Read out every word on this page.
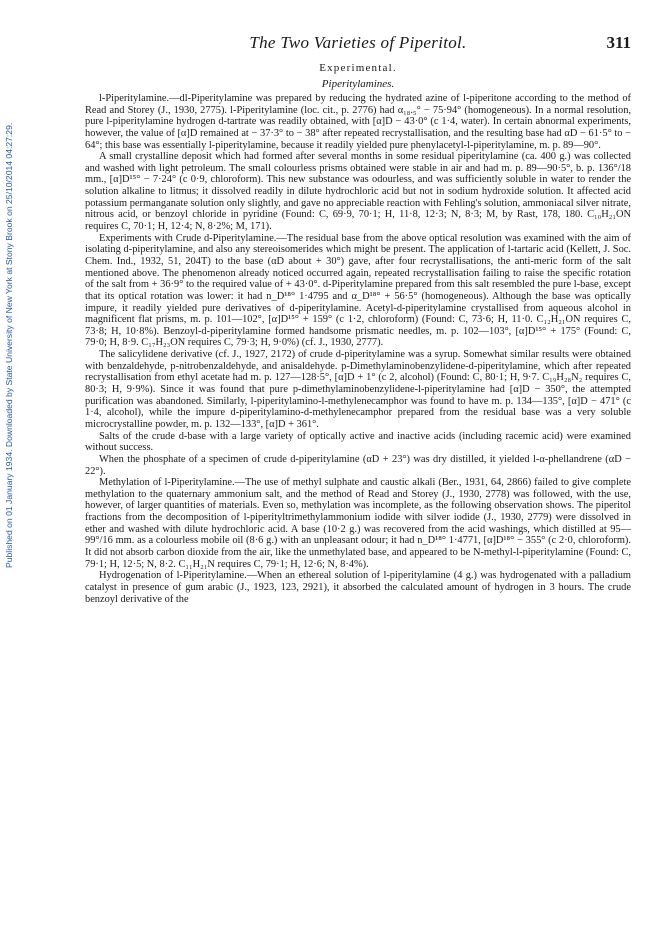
Published on 01 January 1934. Downloaded by State University of New York at Stony Brook on 25/10/2014 04:27:29.
The Two Varieties of Piperitol.	311
Experimental.
Piperitylamines.

l-Piperitylamine.—dl-Piperitylamine was prepared by reducing the hydrated azine of l-piperitone according to the method of Read and Storey (J., 1930, 2775). l-Piperitylamine (loc. cit., p. 2776) had α₁₈.₅° − 75·94° (homogeneous). In a normal resolution, pure l-piperitylamine hydrogen d-tartrate was readily obtained, with [α]D − 43·0° (c 1·4, water). In certain abnormal experiments, however, the value of [α]D remained at − 37·3° to − 38° after repeated recrystallisation, and the resulting base had αD − 61·5° to − 64°; this base was essentially l-piperitylamine, because it readily yielded pure phenylacetyl-l-piperitylamine, m. p. 89—90°.

A small crystalline deposit which had formed after several months in some residual piperitylamine (ca. 400 g.) was collected and washed with light petroleum. The small colourless prisms obtained were stable in air and had m. p. 89—90·5°, b. p. 136°/18 mm., [α]D¹⁵° − 7·24° (c 0·9, chloroform). This new substance was odourless, and was sufficiently soluble in water to render the solution alkaline to litmus; it dissolved readily in dilute hydrochloric acid but not in sodium hydroxide solution. It affected acid potassium permanganate solution only slightly, and gave no appreciable reaction with Fehling's solution, ammoniacal silver nitrate, nitrous acid, or benzoyl chloride in pyridine (Found: C, 69·9, 70·1; H, 11·8, 12·3; N, 8·3; M, by Rast, 178, 180. C₁₀H₂₁ON requires C, 70·1; H, 12·4; N, 8·2%; M, 171).

Experiments with Crude d-Piperitylamine.—The residual base from the above optical resolution was examined with the aim of isolating d-piperitylamine, and also any stereoisomerides which might be present. The application of l-tartaric acid (Kellett, J. Soc. Chem. Ind., 1932, 51, 204T) to the base (αD about + 30°) gave, after four recrystallisations, the anti-meric form of the salt mentioned above. The phenomenon already noticed occurred again, repeated recrystallisation failing to raise the specific rotation of the salt from + 36·9° to the required value of + 43·0°. d-Piperitylamine prepared from this salt resembled the pure l-base, except that its optical rotation was lower: it had n_D¹⁸° 1·4795 and α_D¹⁸° + 56·5° (homogeneous). Although the base was optically impure, it readily yielded pure derivatives of d-piperitylamine. Acetyl-d-piperitylamine crystallised from aqueous alcohol in magnificent flat prisms, m. p. 101—102°, [α]D¹⁵° + 159° (c 1·2, chloroform) (Found: C, 73·6; H, 11·0. C₁₂H₂₁ON requires C, 73·8; H, 10·8%). Benzoyl-d-piperitylamine formed handsome prismatic needles, m. p. 102—103°, [α]D¹⁵° + 175° (Found: C, 79·0; H, 8·9. C₁₇H₂₃ON requires C, 79·3; H, 9·0%) (cf. J., 1930, 2777).

The salicylidene derivative (cf. J., 1927, 2172) of crude d-piperitylamine was a syrup. Somewhat similar results were obtained with benzaldehyde, p-nitrobenzaldehyde, and anisaldehyde. p-Dimethylaminobenzylidene-d-piperitylamine, which after repeated recrystallisation from ethyl acetate had m. p. 127—128·5°, [α]D + 1° (c 2, alcohol) (Found: C, 80·1; H, 9·7. C₁₉H₂₈N₂ requires C, 80·3; H, 9·9%). Since it was found that pure p-dimethylaminobenzylidene-l-piperitylamine had [α]D − 350°, the attempted purification was abandoned. Similarly, l-piperitylamino-l-methylenecamphor was found to have m. p. 134—135°, [α]D − 471° (c 1·4, alcohol), while the impure d-piperitylamino-d-methylenecamphor prepared from the residual base was a very soluble microcrystalline powder, m. p. 132—133°, [α]D + 361°.

Salts of the crude d-base with a large variety of optically active and inactive acids (including racemic acid) were examined without success.

When the phosphate of a specimen of crude d-piperitylamine (αD + 23°) was dry distilled, it yielded l-α-phellandrene (αD − 22°).

Methylation of l-Piperitylamine.—The use of methyl sulphate and caustic alkali (Ber., 1931, 64, 2866) failed to give complete methylation to the quaternary ammonium salt, and the method of Read and Storey (J., 1930, 2778) was followed, with the use, however, of larger quantities of materials. Even so, methylation was incomplete, as the following observation shows. The piperitol fractions from the decomposition of l-piperityltrimethylammonium iodide with silver iodide (J., 1930, 2779) were dissolved in ether and washed with dilute hydrochloric acid. A base (10·2 g.) was recovered from the acid washings, which distilled at 95—99°/16 mm. as a colourless mobile oil (8·6 g.) with an unpleasant odour; it had n_D¹⁸° 1·4771, [α]D¹⁸° − 355° (c 2·0, chloroform). It did not absorb carbon dioxide from the air, like the unmethylated base, and appeared to be N-methyl-l-piperitylamine (Found: C, 79·1; H, 12·5; N, 8·2. C₁₁H₂₁N requires C, 79·1; H, 12·6; N, 8·4%).

Hydrogenation of l-Piperitylamine.—When an ethereal solution of l-piperitylamine (4 g.) was hydrogenated with a palladium catalyst in presence of gum arabic (J., 1923, 123, 2921), it absorbed the calculated amount of hydrogen in 3 hours. The crude benzoyl derivative of the
